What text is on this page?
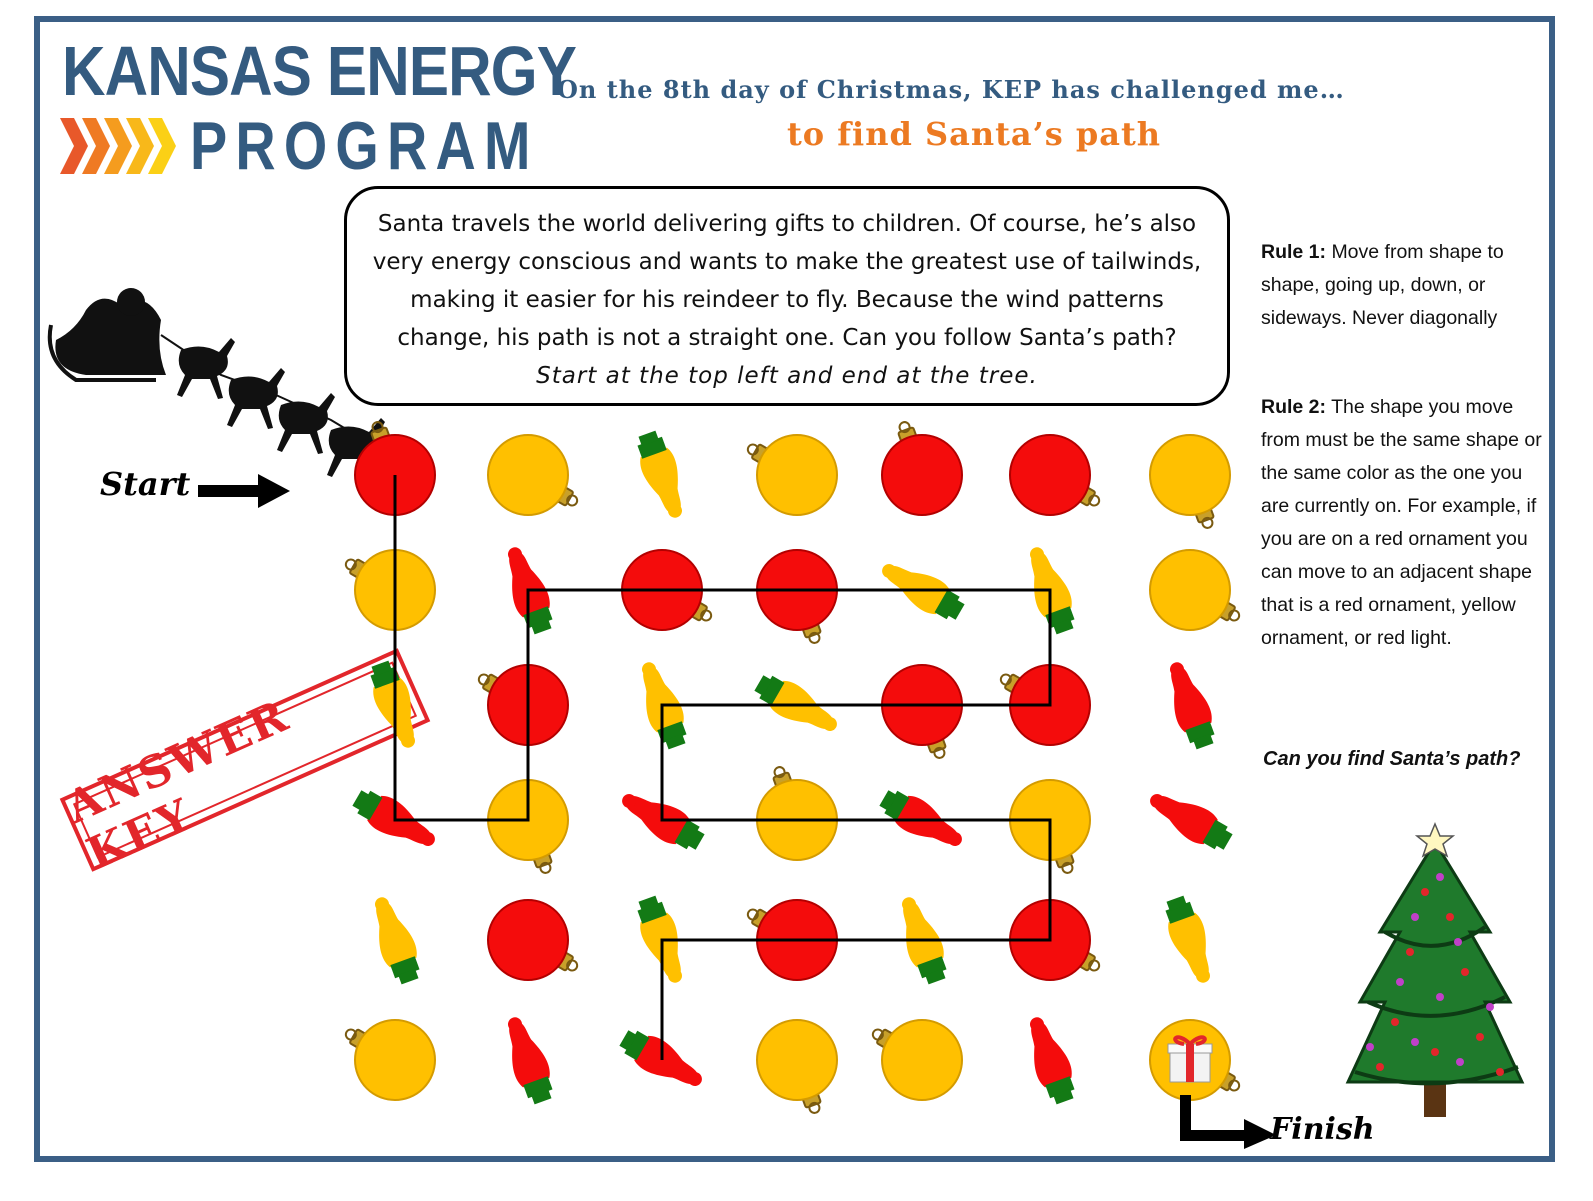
KANSAS ENERGY
PROGRAM
On the 8th day of Christmas, KEP has challenged me…
to find Santa’s path
Santa travels the world delivering gifts to children. Of course, he’s also very energy conscious and wants to make the greatest use of tailwinds, making it easier for his reindeer to fly. Because the wind patterns change, his path is not a straight one. Can you follow Santa’s path? Start at the top left and end at the tree.
Rule 1: Move from shape to shape, going up, down, or sideways. Never diagonally
Rule 2: The shape you move from must be the same shape or the same color as the one you are currently on. For example, if you are on a red ornament you can move to an adjacent shape that is a red ornament, yellow ornament, or red light.
Can you find Santa’s path?
Start
ANSWER KEY
Finish
